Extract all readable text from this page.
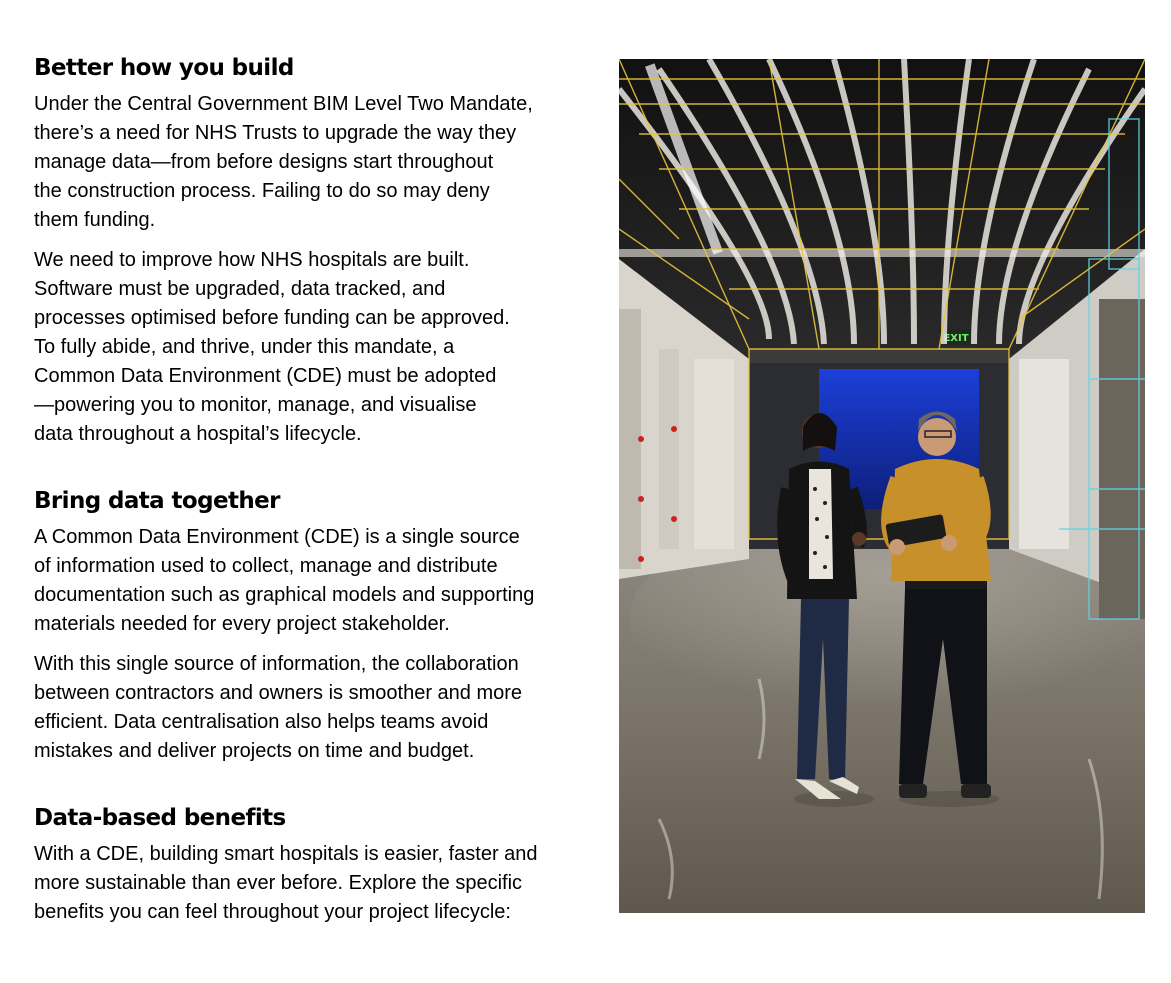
Better how you build

Under the Central Government BIM Level Two Mandate,
there’s a need for NHS Trusts to upgrade the way they
manage data—from before designs start throughout
the construction process. Failing to do so may deny
them funding.

We need to improve how NHS hospitals are built.
Software must be upgraded, data tracked, and
processes optimised before funding can be approved.
To fully abide, and thrive, under this mandate, a
Common Data Environment (CDE) must be adopted
—powering you to monitor, manage, and visualise
data throughout a hospital’s lifecycle.

Bring data together

A Common Data Environment (CDE) is a single source
of information used to collect, manage and distribute
documentation such as graphical models and supporting
materials needed for every project stakeholder.

With this single source of information, the collaboration
between contractors and owners is smoother and more
efficient. Data centralisation also helps teams avoid
mistakes and deliver projects on time and budget.

Data-based benefits

With a CDE, building smart hospitals is easier, faster and
more sustainable than ever before. Explore the specific
benefits you can feel throughout your project lifecycle:

EXIT
